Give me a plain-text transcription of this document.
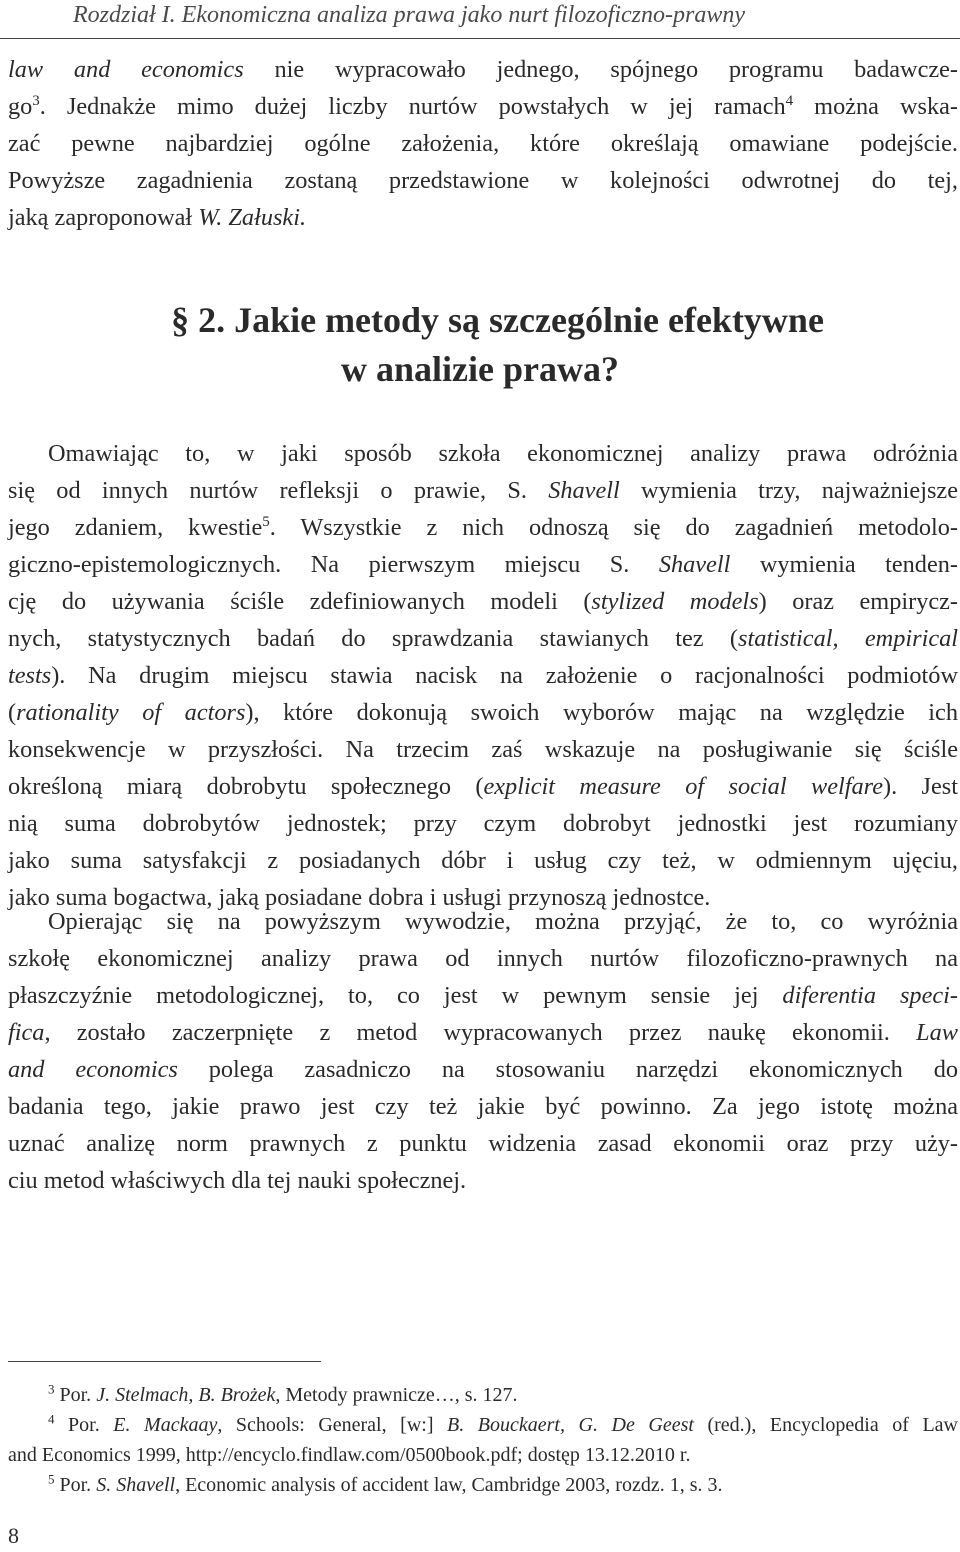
Rozdział I. Ekonomiczna analiza prawa jako nurt filozoficzno-prawny
law and economics nie wypracowało jednego, spójnego programu badawcze-
$go^3$. Jednakże mimo dużej liczby nurtów powstałych w jej ramach$^4$ można wska-
zać pewne najbardziej ogólne założenia, które określają omawiane podejście.
Powyższe zagadnienia zostaną przedstawione w kolejności odwrotnej do tej,
jaką zaproponował W. Załuski.
§ 2. Jakie metody są szczególnie efektywne
w analizie prawa?
Omawiając to, w jaki sposób szkoła ekonomicznej analizy prawa odróżnia
się od innych nurtów refleksji o prawie, S. Shavell wymienia trzy, najważniejsze
jego zdaniem, kwestie$^5$. Wszystkie z nich odnoszą się do zagadnień metodolo-
giczno-epistemologicznych. Na pierwszym miejscu S. Shavell wymienia tenden-
cję do używania ściśle zdefiniowanych modeli (stylized models) oraz empirycz-
nych, statystycznych badań do sprawdzania stawianych tez (statistical, empirical
tests). Na drugim miejscu stawia nacisk na założenie o racjonalności podmiotów
(rationality of actors), które dokonują swoich wyborów mając na względzie ich
konsekwencje w przyszłości. Na trzecim zaś wskazuje na posługiwanie się ściśle
określoną miarą dobrobytu społecznego (explicit measure of social welfare). Jest
nią suma dobrobytów jednostek; przy czym dobrobyt jednostki jest rozumiany
jako suma satysfakcji z posiadanych dóbr i usług czy też, w odmiennym ujęciu,
jako suma bogactwa, jaką posiadane dobra i usługi przynoszą jednostce.
Opierając się na powyższym wywodzie, można przyjąć, że to, co wyróżnia
szkołę ekonomicznej analizy prawa od innych nurtów filozoficzno-prawnych na
płaszczyźnie metodologicznej, to, co jest w pewnym sensie jej diferentia speci-
fica, zostało zaczerpnięte z metod wypracowanych przez naukę ekonomii. Law
and economics polega zasadniczo na stosowaniu narzędzi ekonomicznych do
badania tego, jakie prawo jest czy też jakie być powinno. Za jego istotę można
uznać analizę norm prawnych z punktu widzenia zasad ekonomii oraz przy uży-
ciu metod właściwych dla tej nauki społecznej.
$^3$ Por. J. Stelmach, B. Brożek, Metody prawnicze…, s. 127.
$^4$ Por. E. Mackaay, Schools: General, [w:] B. Bouckaert, G. De Geest (red.), Encyclopedia of Law
and Economics 1999, http://encyclo.findlaw.com/0500book.pdf; dostęp 13.12.2010 r.
$^5$ Por. S. Shavell, Economic analysis of accident law, Cambridge 2003, rozdz. 1, s. 3.
8
